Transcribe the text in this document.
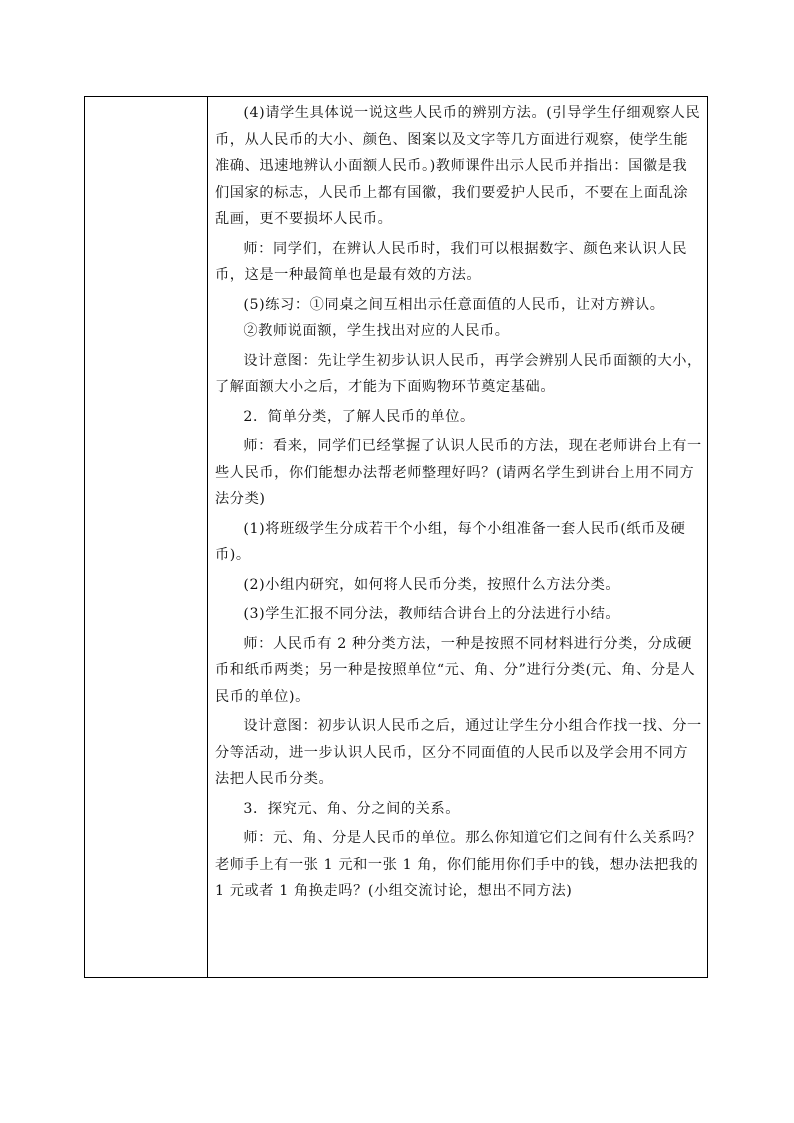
(4)请学生具体说一说这些人民币的辨别方法。(引导学生仔细观察人民币，从人民币的大小、颜色、图案以及文字等几方面进行观察，使学生能准确、迅速地辨认小面额人民币。)教师课件出示人民币并指出：国徽是我们国家的标志，人民币上都有国徽，我们要爱护人民币，不要在上面乱涂乱画，更不要损坏人民币。

师：同学们，在辨认人民币时，我们可以根据数字、颜色来认识人民币，这是一种最简单也是最有效的方法。

(5)练习：①同桌之间互相出示任意面值的人民币，让对方辨认。

②教师说面额，学生找出对应的人民币。

设计意图：先让学生初步认识人民币，再学会辨别人民币面额的大小，了解面额大小之后，才能为下面购物环节奠定基础。

2．简单分类，了解人民币的单位。

师：看来，同学们已经掌握了认识人民币的方法，现在老师讲台上有一些人民币，你们能想办法帮老师整理好吗？(请两名学生到讲台上用不同方法分类)

(1)将班级学生分成若干个小组，每个小组准备一套人民币(纸币及硬币)。

(2)小组内研究，如何将人民币分类，按照什么方法分类。

(3)学生汇报不同分法，教师结合讲台上的分法进行小结。

师：人民币有 2 种分类方法，一种是按照不同材料进行分类，分成硬币和纸币两类；另一种是按照单位“元、角、分”进行分类(元、角、分是人民币的单位)。

设计意图：初步认识人民币之后，通过让学生分小组合作找一找、分一分等活动，进一步认识人民币，区分不同面值的人民币以及学会用不同方法把人民币分类。

3．探究元、角、分之间的关系。

师：元、角、分是人民币的单位。那么你知道它们之间有什么关系吗？老师手上有一张 1 元和一张 1 角，你们能用你们手中的钱，想办法把我的 1 元或者 1 角换走吗？(小组交流讨论，想出不同方法)
